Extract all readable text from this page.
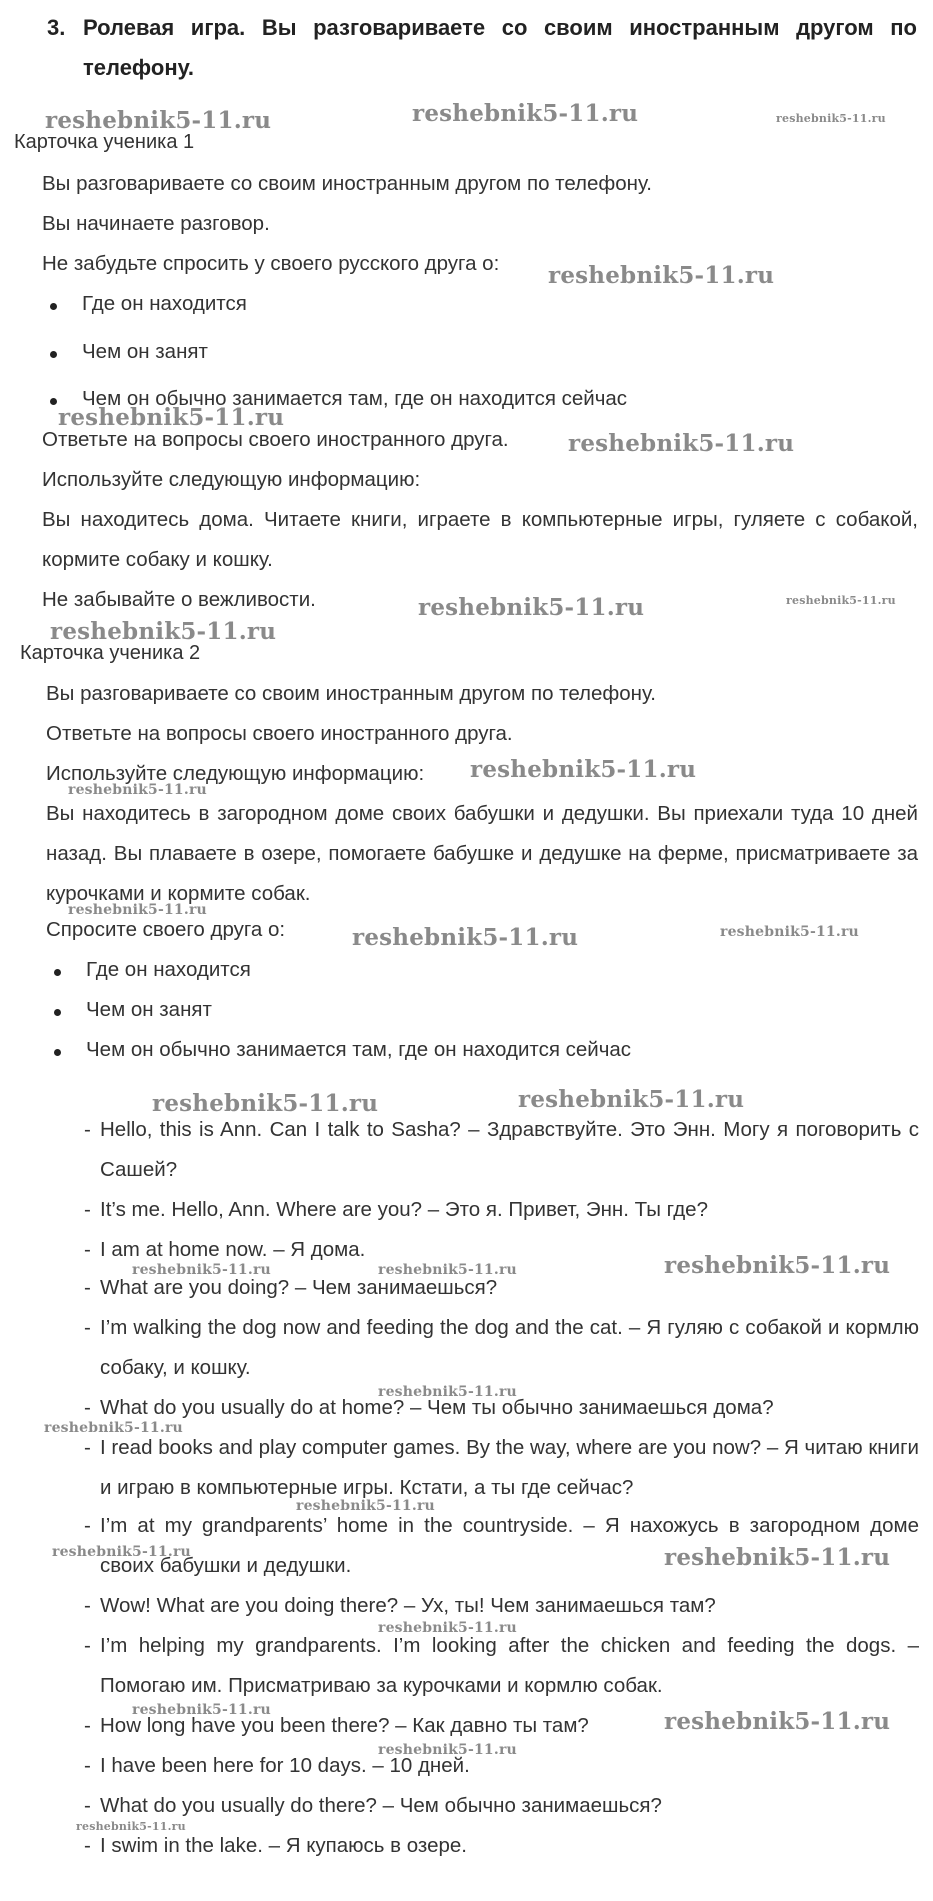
3. Ролевая игра. Вы разговариваете со своим иностранным другом по телефону.
Карточка ученика 1
Вы разговариваете со своим иностранным другом по телефону.
Вы начинаете разговор.
Не забудьте спросить у своего русского друга о:
Где он находится
Чем он занят
Чем он обычно занимается там, где он находится сейчас
Ответьте на вопросы своего иностранного друга.
Используйте следующую информацию:
Вы находитесь дома. Читаете книги, играете в компьютерные игры, гуляете с собакой, кормите собаку и кошку.
Не забывайте о вежливости.
Карточка ученика 2
Вы разговариваете со своим иностранным другом по телефону.
Ответьте на вопросы своего иностранного друга.
Используйте следующую информацию:
Вы находитесь в загородном доме своих бабушки и дедушки. Вы приехали туда 10 дней назад. Вы плаваете в озере, помогаете бабушке и дедушке на ферме, присматриваете за курочками и кормите собак.
Спросите своего друга о:
Где он находится
Чем он занят
Чем он обычно занимается там, где он находится сейчас
- Hello, this is Ann. Can I talk to Sasha? – Здравствуйте. Это Энн. Могу я поговорить с Сашей?
- It’s me. Hello, Ann. Where are you? – Это я. Привет, Энн. Ты где?
- I am at home now. – Я дома.
- What are you doing? – Чем занимаешься?
- I’m walking the dog now and feeding the dog and the cat. – Я гуляю с собакой и кормлю собаку, и кошку.
- What do you usually do at home? – Чем ты обычно занимаешься дома?
- I read books and play computer games. By the way, where are you now? – Я читаю книги и играю в компьютерные игры. Кстати, а ты где сейчас?
- I’m at my grandparents’ home in the countryside. – Я нахожусь в загородном доме своих бабушки и дедушки.
- Wow! What are you doing there? – Ух, ты! Чем занимаешься там?
- I’m helping my grandparents. I’m looking after the chicken and feeding the dogs. – Помогаю им. Присматриваю за курочками и кормлю собак.
- How long have you been there? – Как давно ты там?
- I have been here for 10 days. – 10 дней.
- What do you usually do there? – Чем обычно занимаешься?
- I swim in the lake. – Я купаюсь в озере.
reshebnik5-11.ru	reshebnik5-11.ru	reshebnik5-11.ru
reshebnik5-11.ru
reshebnik5-11.ru
reshebnik5-11.ru
reshebnik5-11.ru	reshebnik5-11.ru
reshebnik5-11.ru
reshebnik5-11.ru
reshebnik5-11.ru
reshebnik5-11.ru
reshebnik5-11.ru	reshebnik5-11.ru
reshebnik5-11.ru	reshebnik5-11.ru
reshebnik5-11.ru	reshebnik5-11.ru	reshebnik5-11.ru
reshebnik5-11.ru
reshebnik5-11.ru
reshebnik5-11.ru
reshebnik5-11.ru	reshebnik5-11.ru
reshebnik5-11.ru
reshebnik5-11.ru	reshebnik5-11.ru
reshebnik5-11.ru
reshebnik5-11.ru
